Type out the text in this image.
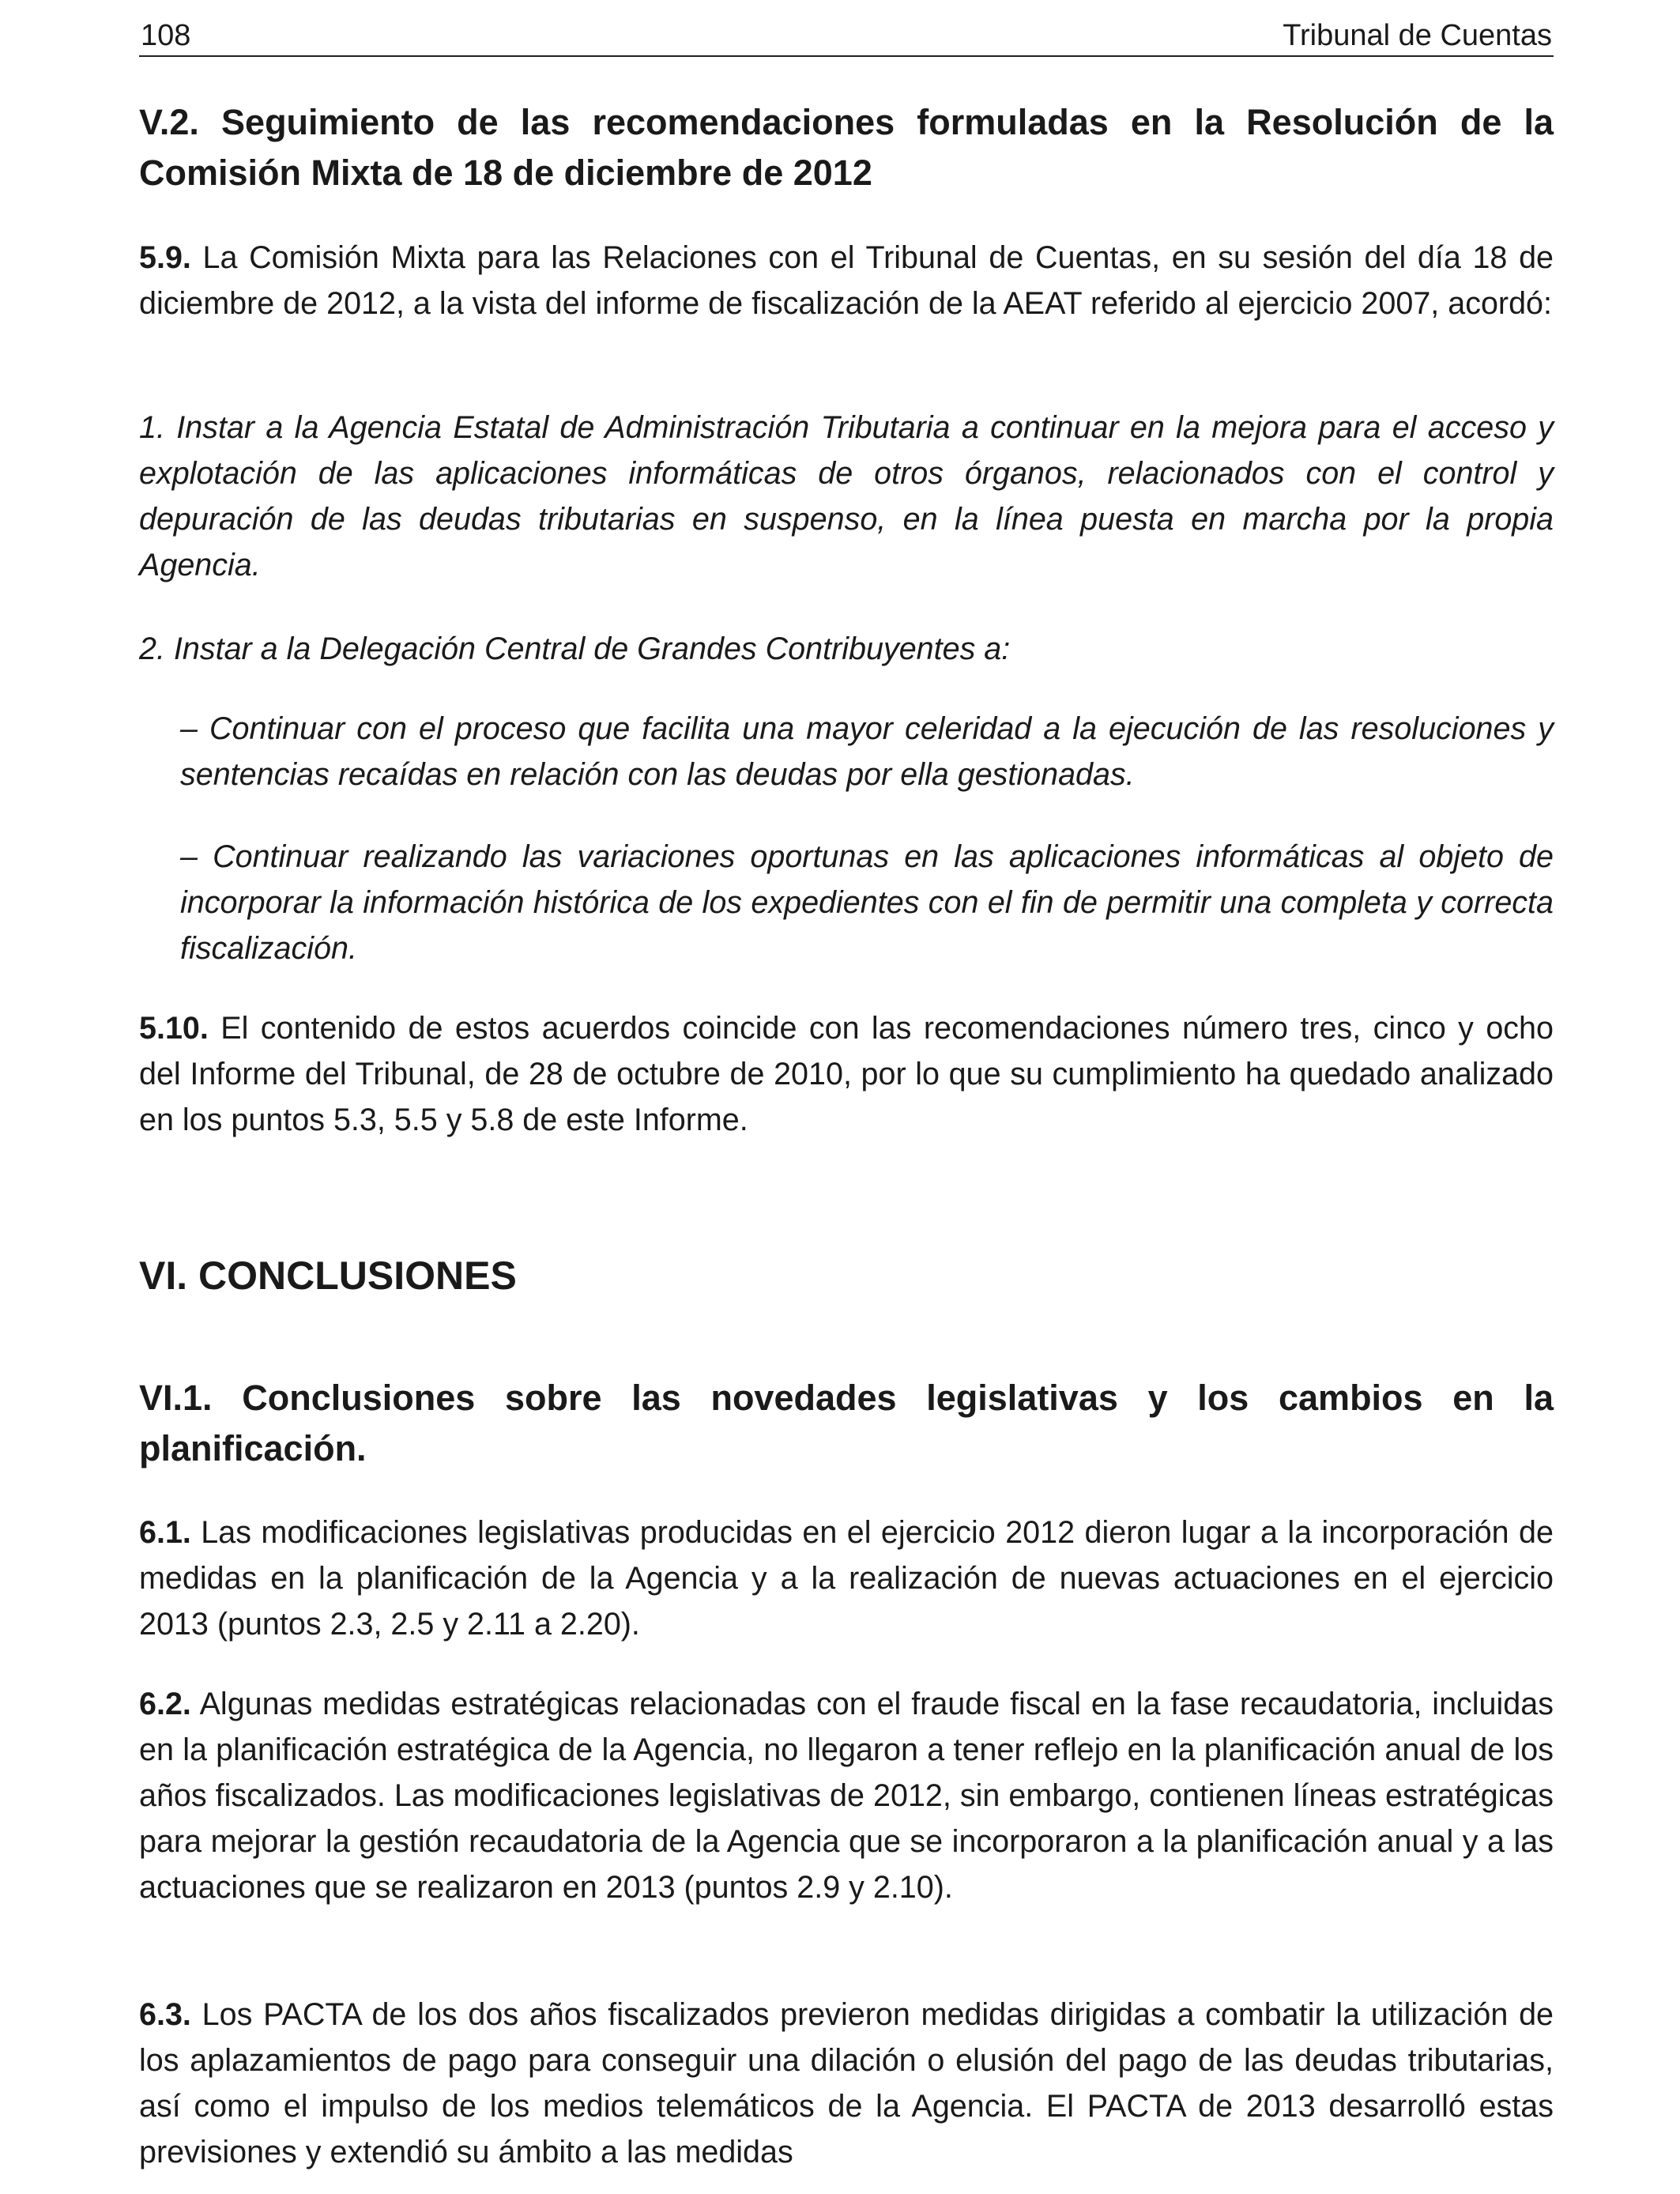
108	Tribunal de Cuentas
V.2. Seguimiento de las recomendaciones formuladas en la Resolución de la Comisión Mixta de 18 de diciembre de 2012
5.9. La Comisión Mixta para las Relaciones con el Tribunal de Cuentas, en su sesión del día 18 de diciembre de 2012, a la vista del informe de fiscalización de la AEAT referido al ejercicio 2007, acordó:
1. Instar a la Agencia Estatal de Administración Tributaria a continuar en la mejora para el acceso y explotación de las aplicaciones informáticas de otros órganos, relacionados con el control y depuración de las deudas tributarias en suspenso, en la línea puesta en marcha por la propia Agencia.
2. Instar a la Delegación Central de Grandes Contribuyentes a:
– Continuar con el proceso que facilita una mayor celeridad a la ejecución de las resoluciones y sentencias recaídas en relación con las deudas por ella gestionadas.
– Continuar realizando las variaciones oportunas en las aplicaciones informáticas al objeto de incorporar la información histórica de los expedientes con el fin de permitir una completa y correcta fiscalización.
5.10. El contenido de estos acuerdos coincide con las recomendaciones número tres, cinco y ocho del Informe del Tribunal, de 28 de octubre de 2010, por lo que su cumplimiento ha quedado analizado en los puntos 5.3, 5.5 y 5.8 de este Informe.
VI. CONCLUSIONES
VI.1. Conclusiones sobre las novedades legislativas y los cambios en la planificación.
6.1. Las modificaciones legislativas producidas en el ejercicio 2012 dieron lugar a la incorporación de medidas en la planificación de la Agencia y a la realización de nuevas actuaciones en el ejercicio 2013 (puntos 2.3, 2.5 y 2.11 a 2.20).
6.2. Algunas medidas estratégicas relacionadas con el fraude fiscal en la fase recaudatoria, incluidas en la planificación estratégica de la Agencia, no llegaron a tener reflejo en la planificación anual de los años fiscalizados. Las modificaciones legislativas de 2012, sin embargo, contienen líneas estratégicas para mejorar la gestión recaudatoria de la Agencia que se incorporaron a la planificación anual y a las actuaciones que se realizaron en 2013 (puntos 2.9 y 2.10).
6.3. Los PACTA de los dos años fiscalizados previeron medidas dirigidas a combatir la utilización de los aplazamientos de pago para conseguir una dilación o elusión del pago de las deudas tributarias, así como el impulso de los medios telemáticos de la Agencia. El PACTA de 2013 desarrolló estas previsiones y extendió su ámbito a las medidas
